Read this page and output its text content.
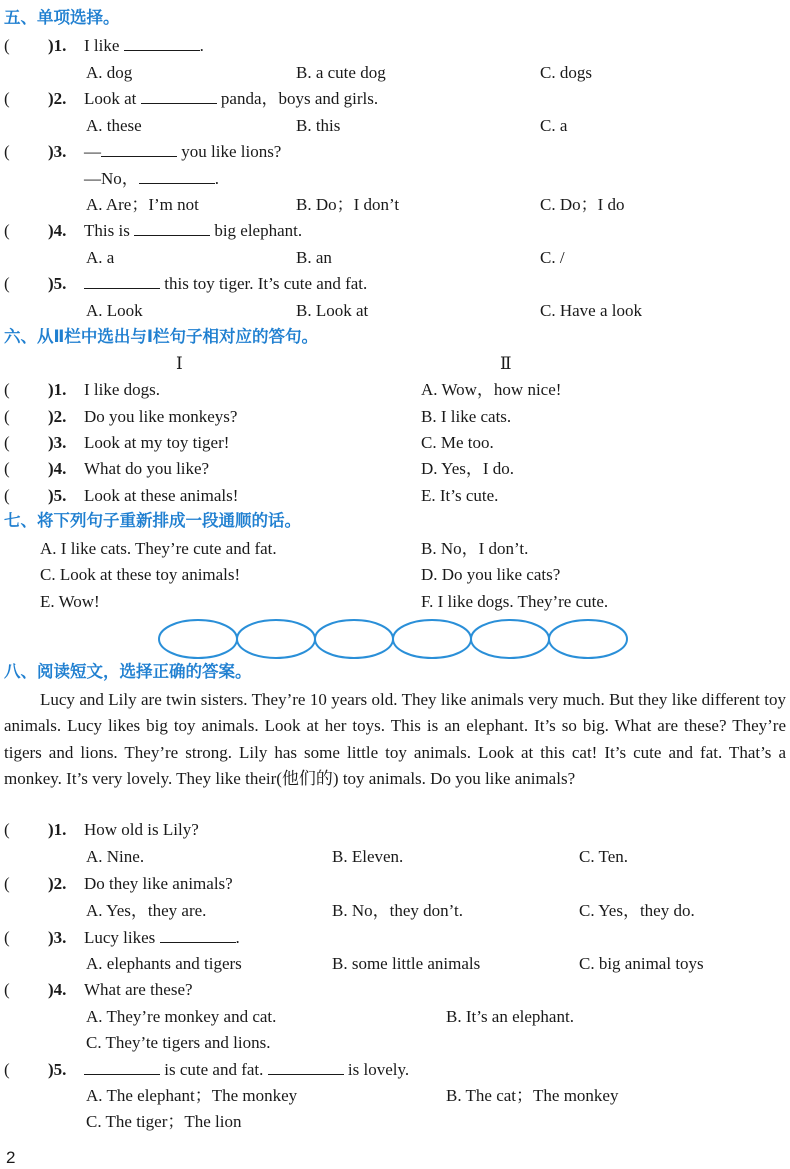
五、单项选择。
( )1. I like	.
A. dog	B. a cute dog	C. dogs
( )2. Look at	panda，boys and girls.
A. these	B. this	C. a
( )3. —	you like lions?
—No，	.
A. Are；I’m not	B. Do；I don’t	C. Do；I do
( )4. This is	big elephant.
A. a	B. an	C. /
( )5.	this toy tiger. It’s cute and fat.
A. Look	B. Look at	C. Have a look
六、从Ⅱ栏中选出与Ⅰ栏句子相对应的答句。
Ⅰ	Ⅱ
( )1. I like dogs.	A. Wow，how nice!
( )2. Do you like monkeys?	B. I like cats.
( )3. Look at my toy tiger!	C. Me too.
( )4. What do you like?	D. Yes，I do.
( )5. Look at these animals!	E. It’s cute.
七、将下列句子重新排成一段通顺的话。
A. I like cats. They’re cute and fat.	B. No，I don’t.
C. Look at these toy animals!	D. Do you like cats?
E. Wow!	F. I like dogs. They’re cute.
八、阅读短文，选择正确的答案。
Lucy and Lily are twin sisters. They’re 10 years old. They like animals very much. But they like different toy animals. Lucy likes big toy animals. Look at her toys. This is an elephant. It’s so big. What are these? They’re tigers and lions. They’re strong. Lily has some little toy animals. Look at this cat! It’s cute and fat. That’s a monkey. It’s very lovely. They like their(他们的) toy animals. Do you like animals?
( )1. How old is Lily?
A. Nine.	B. Eleven.	C. Ten.
( )2. Do they like animals?
A. Yes，they are.	B. No，they don’t.	C. Yes，they do.
( )3. Lucy likes	.
A. elephants and tigers	B. some little animals	C. big animal toys
( )4. What are these?
A. They’re monkey and cat.	B. It’s an elephant.
C. They’te tigers and lions.
( )5.	is cute and fat.	is lovely.
A. The elephant；The monkey	B. The cat；The monkey
C. The tiger；The lion
2
